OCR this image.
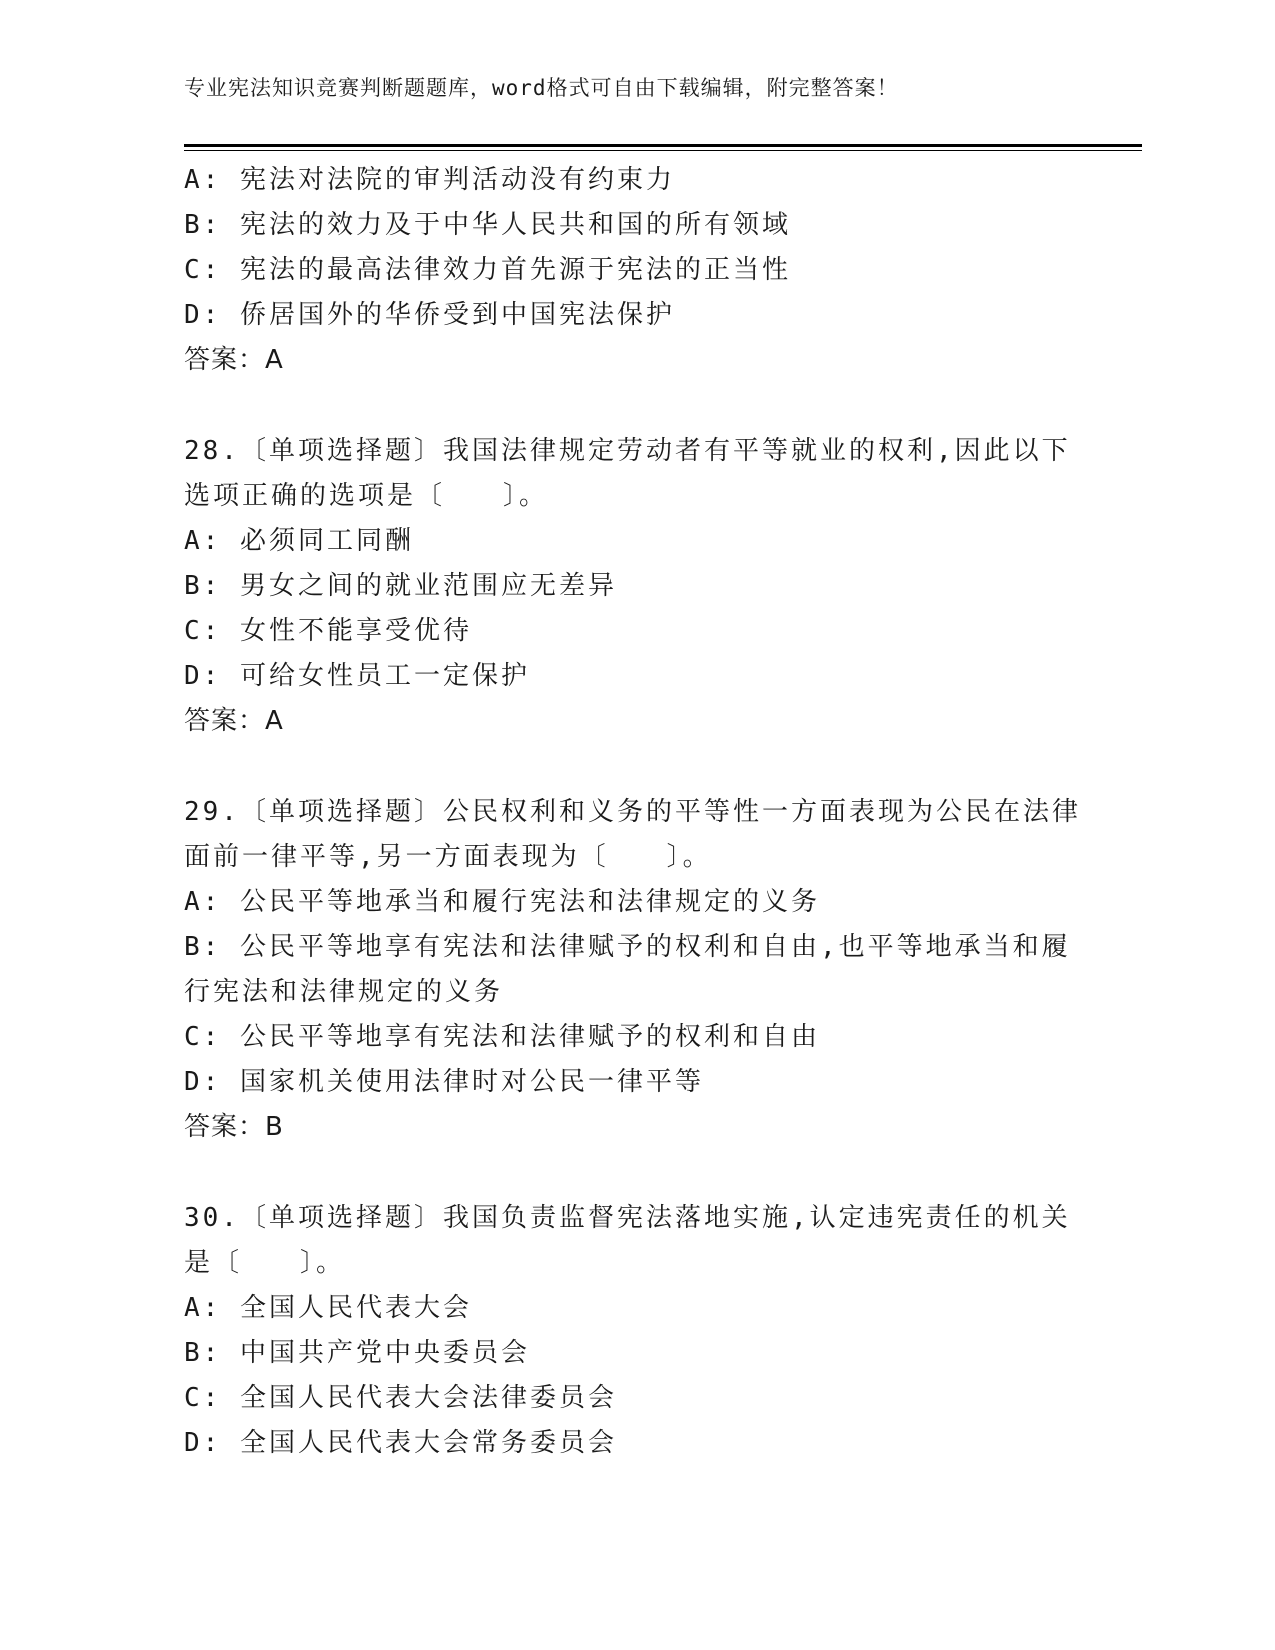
专业宪法知识竞赛判断题题库，word格式可自由下载编辑，附完整答案！
A: 宪法对法院的审判活动没有约束力
B: 宪法的效力及于中华人民共和国的所有领域
C: 宪法的最高法律效力首先源于宪法的正当性
D: 侨居国外的华侨受到中国宪法保护
答案：A
28.〔单项选择题〕我国法律规定劳动者有平等就业的权利,因此以下
选项正确的选项是〔　　〕。
A: 必须同工同酬
B: 男女之间的就业范围应无差异
C: 女性不能享受优待
D: 可给女性员工一定保护
答案：A
29.〔单项选择题〕公民权利和义务的平等性一方面表现为公民在法律
面前一律平等,另一方面表现为〔　　〕。
A: 公民平等地承当和履行宪法和法律规定的义务
B: 公民平等地享有宪法和法律赋予的权利和自由,也平等地承当和履
行宪法和法律规定的义务
C: 公民平等地享有宪法和法律赋予的权利和自由
D: 国家机关使用法律时对公民一律平等
答案：B
30.〔单项选择题〕我国负责监督宪法落地实施,认定违宪责任的机关
是〔　　〕。
A: 全国人民代表大会
B: 中国共产党中央委员会
C: 全国人民代表大会法律委员会
D: 全国人民代表大会常务委员会
